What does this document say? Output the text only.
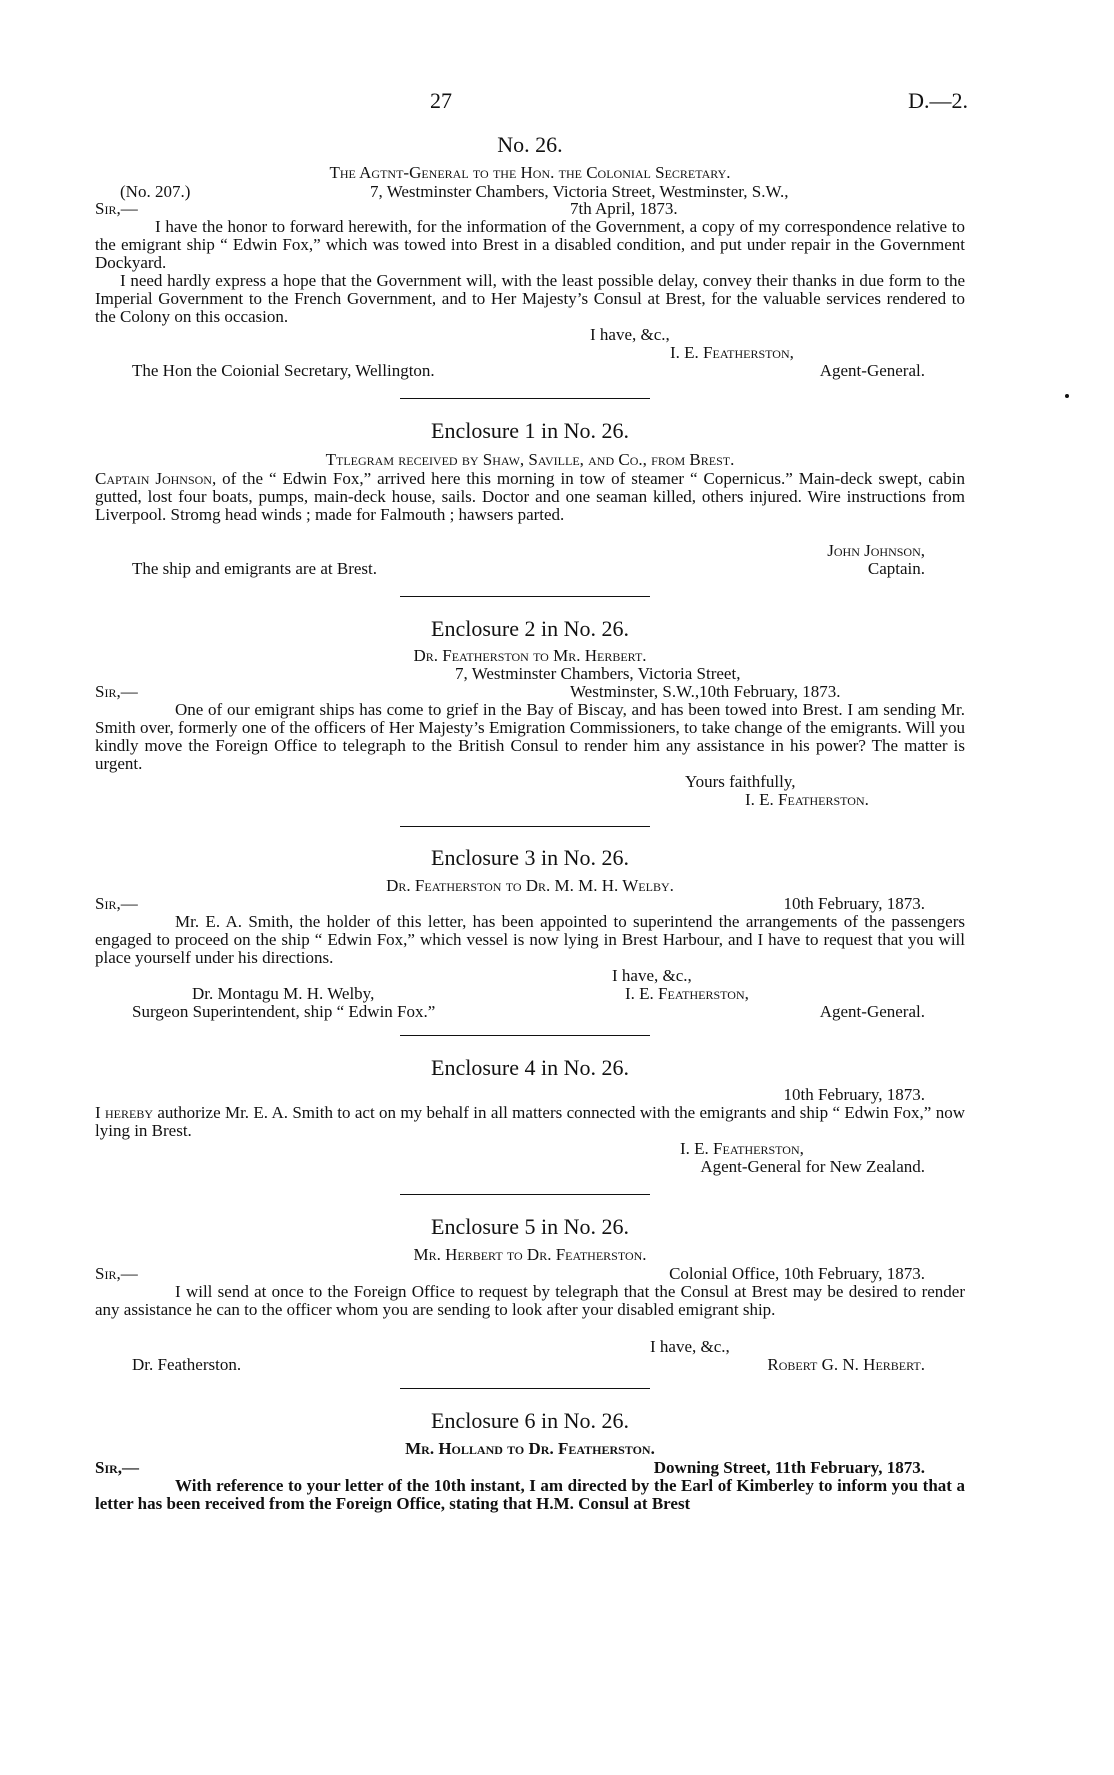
27	D.—2.
No. 26.
The Agtnt-General to the Hon. the Colonial Secretary.
(No. 207.)	7, Westminster Chambers, Victoria Street, Westminster, S.W.,
Sir,—	7th April, 1873.
I have the honor to forward herewith, for the information of the Government, a copy of my correspondence relative to the emigrant ship “ Edwin Fox,” which was towed into Brest in a disabled condition, and put under repair in the Government Dockyard.
I need hardly express a hope that the Government will, with the least possible delay, convey their thanks in due form to the Imperial Government to the French Government, and to Her Majesty’s Consul at Brest, for the valuable services rendered to the Colony on this occasion.
I have, &c.,
I. E. Featherston,
The Hon the Coionial Secretary, Wellington.	Agent-General.
Enclosure 1 in No. 26.
Ttlegram received by Shaw, Saville, and Co., from Brest.
Captain Johnson, of the “ Edwin Fox,” arrived here this morning in tow of steamer “ Copernicus.” Main-deck swept, cabin gutted, lost four boats, pumps, main-deck house, sails. Doctor and one seaman killed, others injured. Wire instructions from Liverpool. Stromg head winds ; made for Falmouth ; hawsers parted.
John Johnson,
The ship and emigrants are at Brest.	Captain.
Enclosure 2 in No. 26.
Dr. Featherston to Mr. Herbert.
7, Westminster Chambers, Victoria Street,
Sir,—	Westminster, S.W.,10th February, 1873.
One of our emigrant ships has come to grief in the Bay of Biscay, and has been towed into Brest. I am sending Mr. Smith over, formerly one of the officers of Her Majesty’s Emigration Commissioners, to take change of the emigrants. Will you kindly move the Foreign Office to telegraph to the British Consul to render him any assistance in his power? The matter is urgent.
Yours faithfully,
I. E. Featherston.
Enclosure 3 in No. 26.
Dr. Featherston to Dr. M. M. H. Welby.
Sir,—	10th February, 1873.
Mr. E. A. Smith, the holder of this letter, has been appointed to superintend the arrangements of the passengers engaged to proceed on the ship “ Edwin Fox,” which vessel is now lying in Brest Harbour, and I have to request that you will place yourself under his directions.
I have, &c.,
Dr. Montagu M. H. Welby,	I. E. Featherston,
Surgeon Superintendent, ship “ Edwin Fox.”	Agent-General.
Enclosure 4 in No. 26.
10th February, 1873.
I hereby authorize Mr. E. A. Smith to act on my behalf in all matters connected with the emigrants and ship “ Edwin Fox,” now lying in Brest.
I. E. Featherston,
Agent-General for New Zealand.
Enclosure 5 in No. 26.
Mr. Herbert to Dr. Featherston.
Sir,—	Colonial Office, 10th February, 1873.
I will send at once to the Foreign Office to request by telegraph that the Consul at Brest may be desired to render any assistance he can to the officer whom you are sending to look after your disabled emigrant ship.
I have, &c.,
Dr. Featherston.	Robert G. N. Herbert.
Enclosure 6 in No. 26.
Mr. Holland to Dr. Featherston.
Sir,—	Downing Street, 11th February, 1873.
With reference to your letter of the 10th instant, I am directed by the Earl of Kimberley to inform you that a letter has been received from the Foreign Office, stating that H.M. Consul at Brest
